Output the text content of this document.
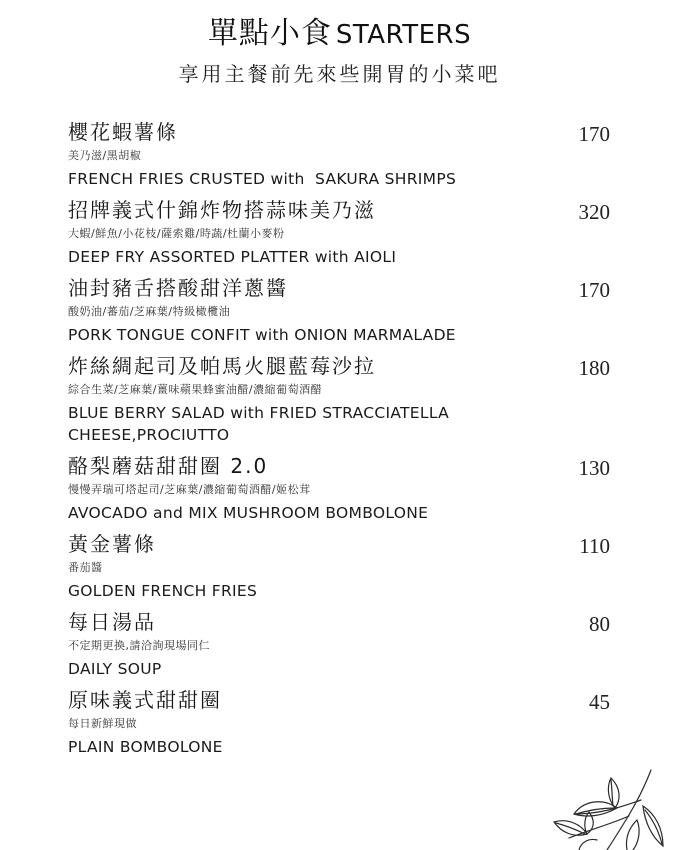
單點小食 STARTERS
享用主餐前先來些開胃的小菜吧
櫻花蝦薯條
美乃滋/黑胡椒
FRENCH FRIES CRUSTED with  SAKURA SHRIMPS
170
招牌義式什錦炸物搭蒜味美乃滋
大蝦/鮮魚/小花枝/薩索雞/時蔬/杜蘭小麥粉
DEEP FRY ASSORTED PLATTER with AIOLI
320
油封豬舌搭酸甜洋蔥醬
酸奶油/蕃茄/芝麻葉/特級橄欖油
PORK TONGUE CONFIT with ONION MARMALADE
170
炸絲綢起司及帕馬火腿藍莓沙拉
綜合生菜/芝麻葉/薑味蘋果蜂蜜油醋/濃縮葡萄酒醋
BLUE BERRY SALAD with FRIED STRACCIATELLA CHEESE,PROCIUTTO
180
酪梨蘑菇甜甜圈 2.0
慢慢弄瑞可塔起司/芝麻葉/濃縮葡萄酒醋/姬松茸
AVOCADO and MIX MUSHROOM BOMBOLONE
130
黃金薯條
番茄醬
GOLDEN FRENCH FRIES
110
每日湯品
不定期更換,請洽詢現場同仁
DAILY SOUP
80
原味義式甜甜圈
每日新鮮現做
PLAIN BOMBOLONE
45
